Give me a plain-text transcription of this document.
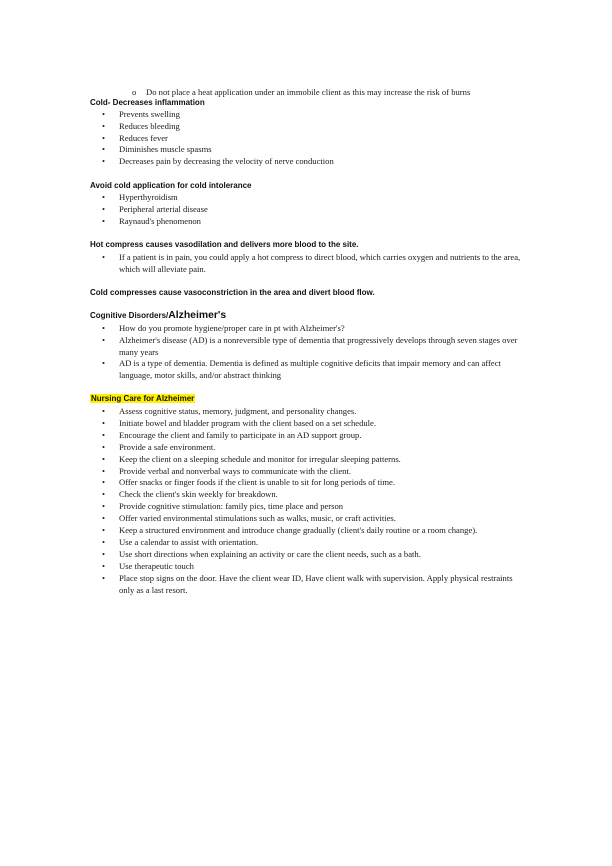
o Do not place a heat application under an immobile client as this may increase the risk of burns
Cold- Decreases inflammation
• Prevents swelling
• Reduces bleeding
• Reduces fever
• Diminishes muscle spasms
• Decreases pain by decreasing the velocity of nerve conduction
Avoid cold application for cold intolerance
• Hyperthyroidism
• Peripheral arterial disease
• Raynaud's phenomenon
Hot compress causes vasodilation and delivers more blood to the site.
• If a patient is in pain, you could apply a hot compress to direct blood, which carries oxygen and nutrients to the area, which will alleviate pain.
Cold compresses cause vasoconstriction in the area and divert blood flow.
Cognitive Disorders/Alzheimer's
• How do you promote hygiene/proper care in pt with Alzheimer's?
• Alzheimer's disease (AD) is a nonreversible type of dementia that progressively develops through seven stages over many years
• AD is a type of dementia. Dementia is defined as multiple cognitive deficits that impair memory and can affect language, motor skills, and/or abstract thinking
Nursing Care for Alzheimer
• Assess cognitive status, memory, judgment, and personality changes.
• Initiate bowel and bladder program with the client based on a set schedule.
• Encourage the client and family to participate in an AD support group.
• Provide a safe environment.
• Keep the client on a sleeping schedule and monitor for irregular sleeping patterns.
• Provide verbal and nonverbal ways to communicate with the client.
• Offer snacks or finger foods if the client is unable to sit for long periods of time.
• Check the client's skin weekly for breakdown.
• Provide cognitive stimulation: family pics, time place and person
• Offer varied environmental stimulations such as walks, music, or craft activities.
• Keep a structured environment and introduce change gradually (client's daily routine or a room change).
• Use a calendar to assist with orientation.
• Use short directions when explaining an activity or care the client needs, such as a bath.
• Use therapeutic touch
• Place stop signs on the door. Have the client wear ID, Have client walk with supervision. Apply physical restraints only as a last resort.
